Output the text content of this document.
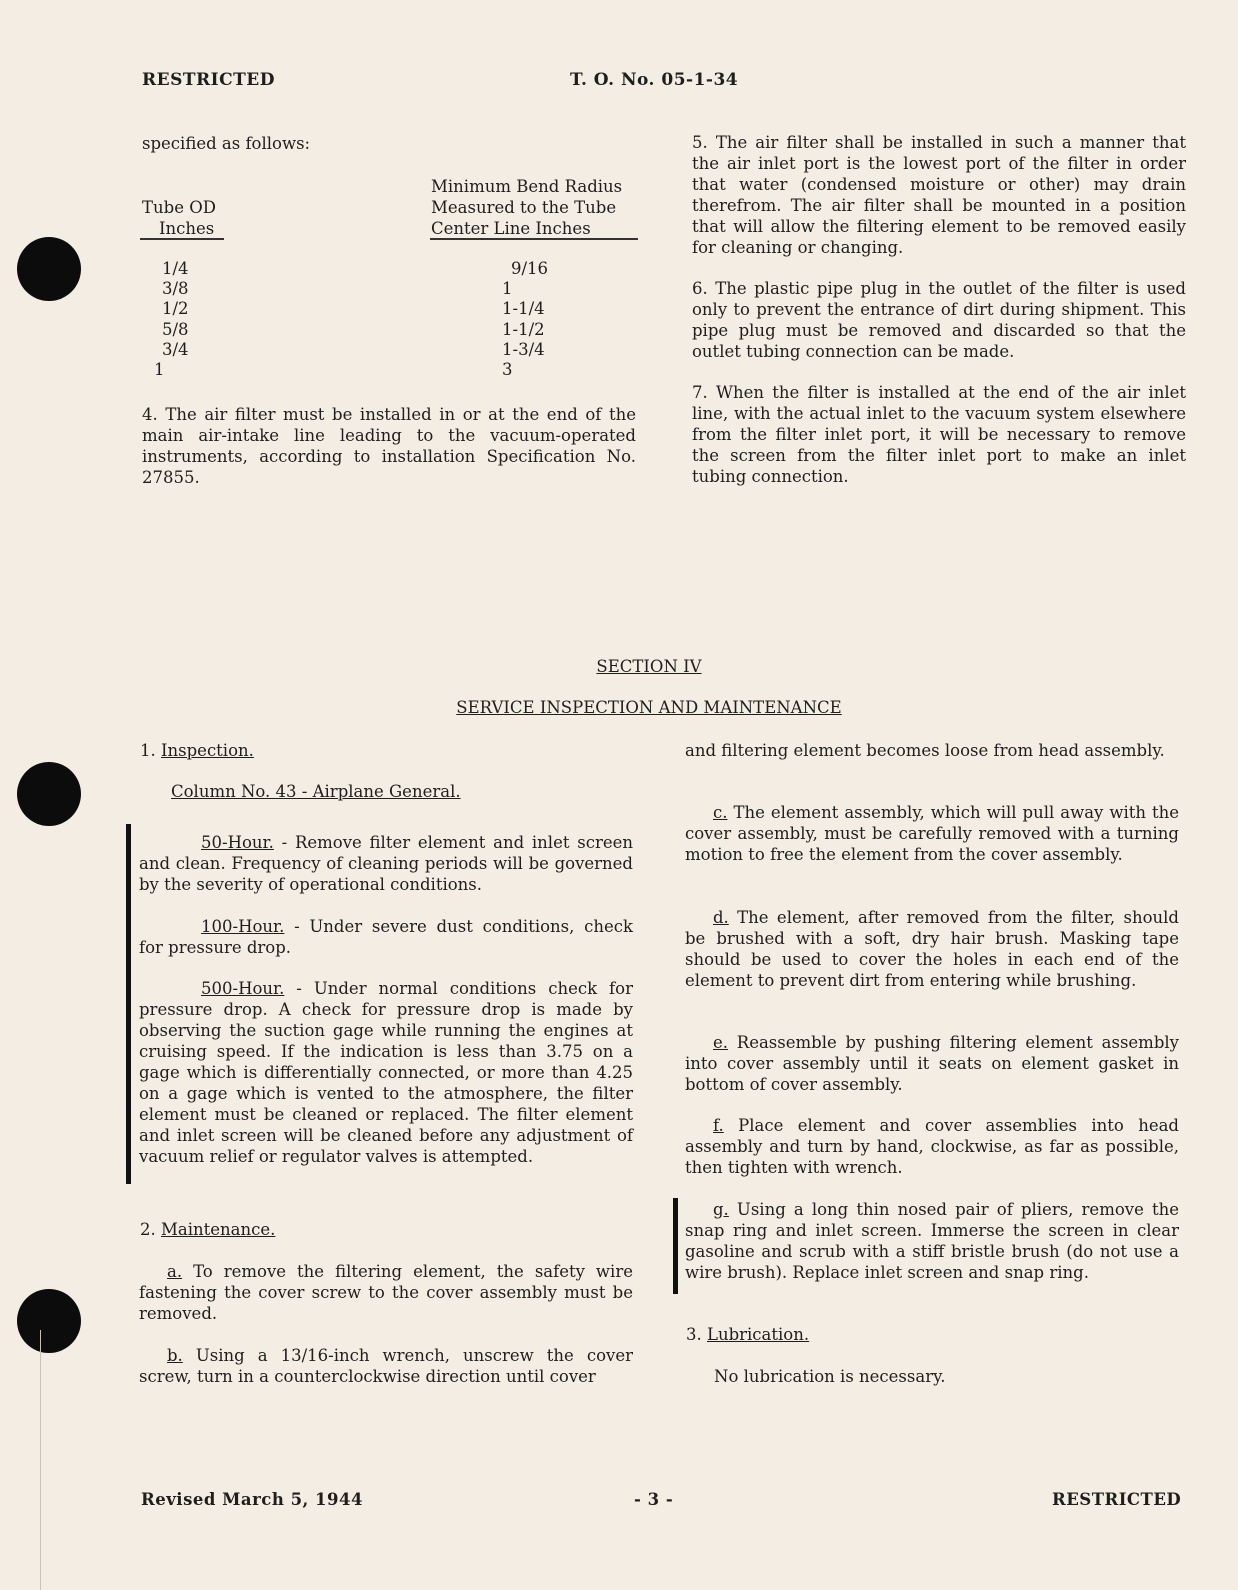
RESTRICTED	T. O. No. 05-1-34
specified as follows:
Tube OD
Inches
Minimum Bend Radius
Measured to the Tube
Center Line Inches
1/4	9/16
3/8	1
1/2	1-1/4
5/8	1-1/2
3/4	1-3/4
1	3
4. The air filter must be installed in or at the end of the main air-intake line leading to the vacuum-operated instruments, according to installation Specification No. 27855.
5. The air filter shall be installed in such a manner that the air inlet port is the lowest port of the filter in order that water (condensed moisture or other) may drain therefrom. The air filter shall be mounted in a position that will allow the filtering element to be removed easily for cleaning or changing.
6. The plastic pipe plug in the outlet of the filter is used only to prevent the entrance of dirt during shipment. This pipe plug must be removed and discarded so that the outlet tubing connection can be made.
7. When the filter is installed at the end of the air inlet line, with the actual inlet to the vacuum system elsewhere from the filter inlet port, it will be necessary to remove the screen from the filter inlet port to make an inlet tubing connection.
SECTION IV
SERVICE INSPECTION AND MAINTENANCE
1. Inspection.
Column No. 43 - Airplane General.
50-Hour. - Remove filter element and inlet screen and clean. Frequency of cleaning periods will be governed by the severity of operational conditions.
100-Hour. - Under severe dust conditions, check for pressure drop.
500-Hour. - Under normal conditions check for pressure drop. A check for pressure drop is made by observing the suction gage while running the engines at cruising speed. If the indication is less than 3.75 on a gage which is differentially connected, or more than 4.25 on a gage which is vented to the atmosphere, the filter element must be cleaned or replaced. The filter element and inlet screen will be cleaned before any adjustment of vacuum relief or regulator valves is attempted.
2. Maintenance.
a. To remove the filtering element, the safety wire fastening the cover screw to the cover assembly must be removed.
b. Using a 13/16-inch wrench, unscrew the cover screw, turn in a counterclockwise direction until cover
and filtering element becomes loose from head assembly.
c. The element assembly, which will pull away with the cover assembly, must be carefully removed with a turning motion to free the element from the cover assembly.
d. The element, after removed from the filter, should be brushed with a soft, dry hair brush. Masking tape should be used to cover the holes in each end of the element to prevent dirt from entering while brushing.
e. Reassemble by pushing filtering element assembly into cover assembly until it seats on element gasket in bottom of cover assembly.
f. Place element and cover assemblies into head assembly and turn by hand, clockwise, as far as possible, then tighten with wrench.
g. Using a long thin nosed pair of pliers, remove the snap ring and inlet screen. Immerse the screen in clear gasoline and scrub with a stiff bristle brush (do not use a wire brush). Replace inlet screen and snap ring.
3. Lubrication.
No lubrication is necessary.
Revised March 5, 1944	- 3 -	RESTRICTED
